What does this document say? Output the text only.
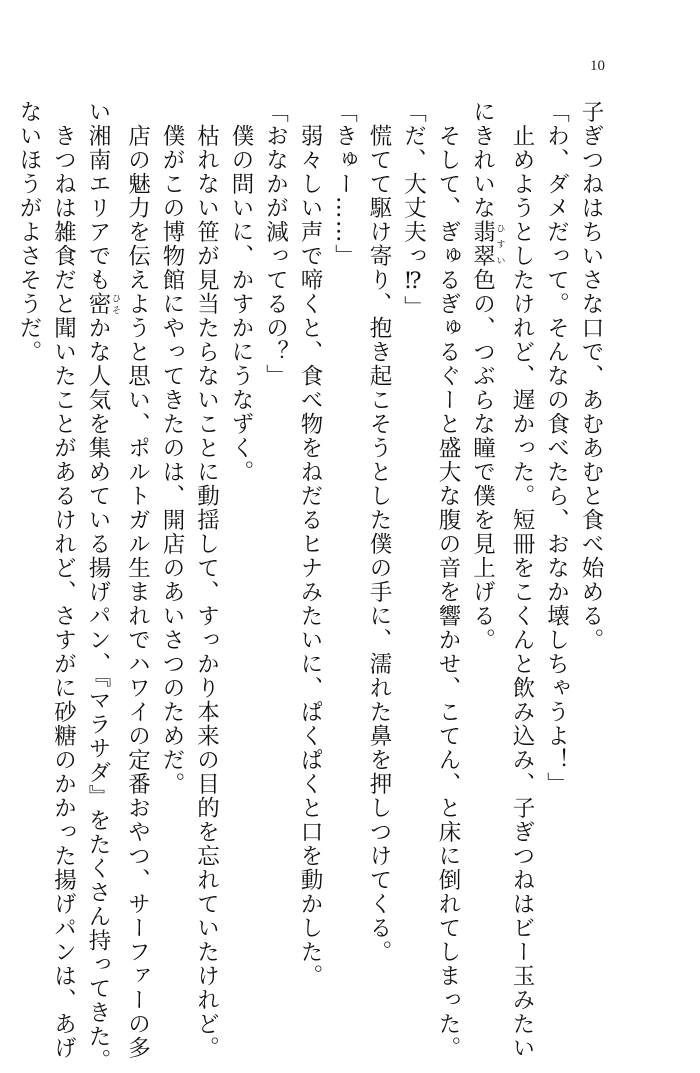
10
子ぎつねはちいさな口で、あむあむと食べ始める。
「わ、ダメだって。そんなの食べたら、おなか壊しちゃうよ！」
　止めようとしたけれど、遅かった。短冊をこくんと飲み込み、子ぎつねはビー玉みたい
にきれいな翡翠 ひすい色の、つぶらな瞳で僕を見上げる。
　そして、ぎゅるぎゅるぐーと盛大な腹の音を響かせ、こてん、と床に倒れてしまった。
「だ、大丈夫っ⁉」
　慌てて駆け寄り、抱き起こそうとした僕の手に、濡れた鼻を押しつけてくる。
「きゅー……」
　弱々しい声で啼くと、食べ物をねだるヒナみたいに、ぱくぱくと口を動かした。
「おなかが減ってるの？」
　僕の問いに、かすかにうなずく。
　枯れない笹が見当たらないことに動揺して、すっかり本来の目的を忘れていたけれど。
　僕がこの博物館にやってきたのは、開店のあいさつのためだ。
　店の魅力を伝えようと思い、ポルトガル生まれでハワイの定番おやつ、サーファーの多
い湘南エリアでも密 ひそかな人気を集めている揚げパン、『マラサダ』をたくさん持ってきた。
　きつねは雑食だと聞いたことがあるけれど、さすがに砂糖のかかった揚げパンは、あげ
ないほうがよさそうだ。
